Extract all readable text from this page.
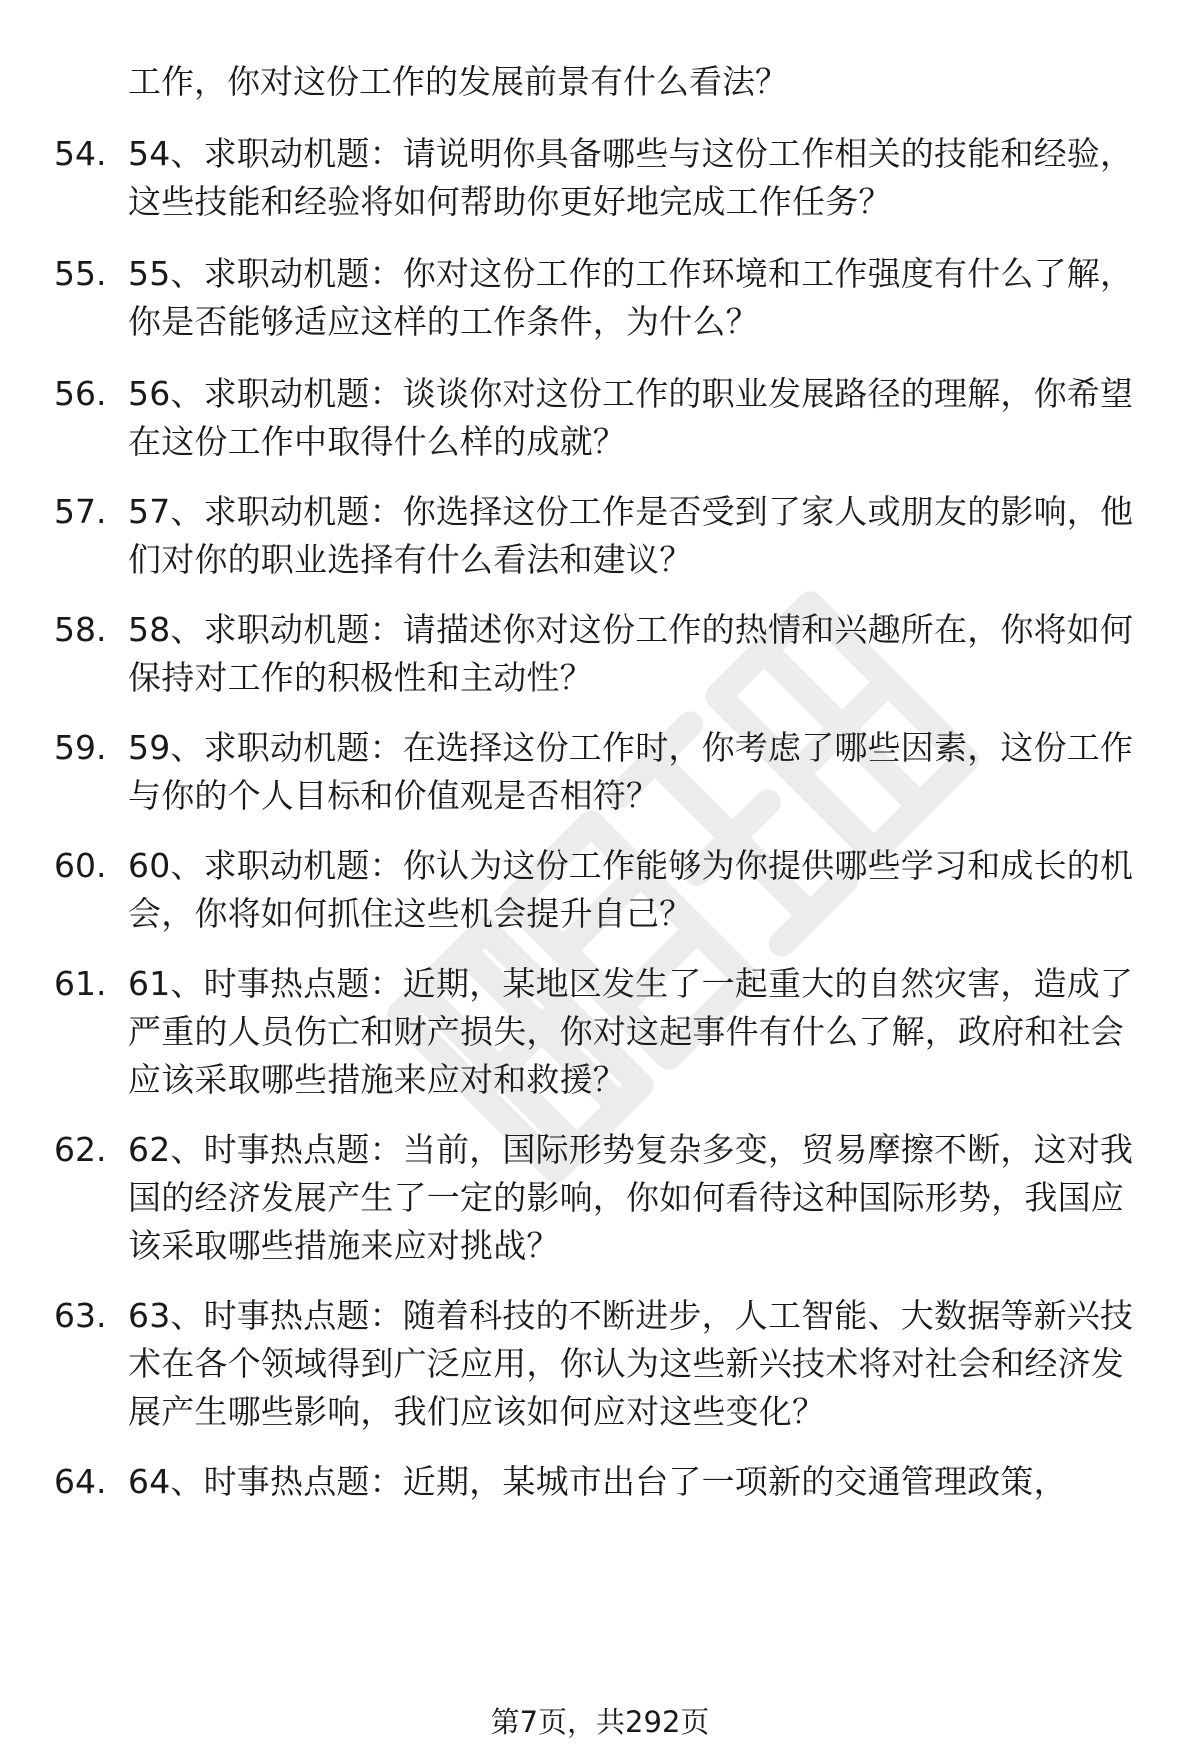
工作，你对这份工作的发展前景有什么看法？
54. 54、求职动机题：请说明你具备哪些与这份工作相关的技能和经验，这些技能和经验将如何帮助你更好地完成工作任务？
55. 55、求职动机题：你对这份工作的工作环境和工作强度有什么了解，你是否能够适应这样的工作条件，为什么？
56. 56、求职动机题：谈谈你对这份工作的职业发展路径的理解，你希望在这份工作中取得什么样的成就？
57. 57、求职动机题：你选择这份工作是否受到了家人或朋友的影响，他们对你的职业选择有什么看法和建议？
58. 58、求职动机题：请描述你对这份工作的热情和兴趣所在，你将如何保持对工作的积极性和主动性？
59. 59、求职动机题：在选择这份工作时，你考虑了哪些因素，这份工作与你的个人目标和价值观是否相符？
60. 60、求职动机题：你认为这份工作能够为你提供哪些学习和成长的机会，你将如何抓住这些机会提升自己？
61. 61、时事热点题：近期，某地区发生了一起重大的自然灾害，造成了严重的人员伤亡和财产损失，你对这起事件有什么了解，政府和社会应该采取哪些措施来应对和救援？
62. 62、时事热点题：当前，国际形势复杂多变，贸易摩擦不断，这对我国的经济发展产生了一定的影响，你如何看待这种国际形势，我国应该采取哪些措施来应对挑战？
63. 63、时事热点题：随着科技的不断进步，人工智能、大数据等新兴技术在各个领域得到广泛应用，你认为这些新兴技术将对社会和经济发展产生哪些影响，我们应该如何应对这些变化？
64. 64、时事热点题：近期，某城市出台了一项新的交通管理政策，
第7页，共292页
